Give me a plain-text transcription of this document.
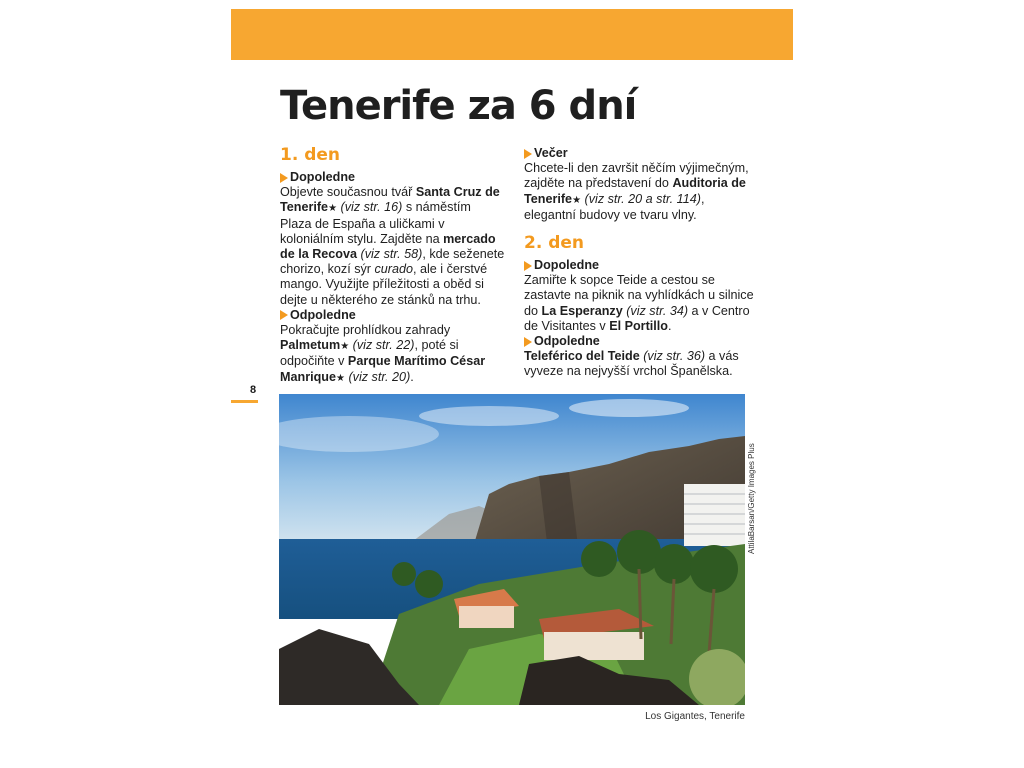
Tenerife za 6 dní
1. den
Dopoledne

Objevte současnou tvář Santa Cruz de Tenerife★ (viz str. 16) s náměstím Plaza de España a uličkami v koloniálním stylu. Zajděte na mercado de la Recova (viz str. 58), kde seženete chorizo, kozí sýr curado, ale i čerstvé mango. Využijte příležitosti a oběd si dejte u některého ze stánků na trhu.

Odpoledne

Pokračujte prohlídkou zahrady Palmetum★ (viz str. 22), poté si odpočiňte v Parque Marítimo César Manrique★ (viz str. 20).

Večer

Chcete-li den završit něčím výjimečným, zajděte na představení do Auditoria de Tenerife★ (viz str. 20 a str. 114), elegantní budovy ve tvaru vlny.

2. den
Dopoledne

Zamiřte k sopce Teide a cestou se zastavte na piknik na vyhlídkách u silnice do La Esperanzy (viz str. 34) a v Centro de Visitantes v El Portillo.

Odpoledne

Teleférico del Teide (viz str. 36) a vás vyveze na nejvyšší vrchol Španělska.

8
AttilaBarsan/Getty Images Plus
Los Gigantes, Tenerife
